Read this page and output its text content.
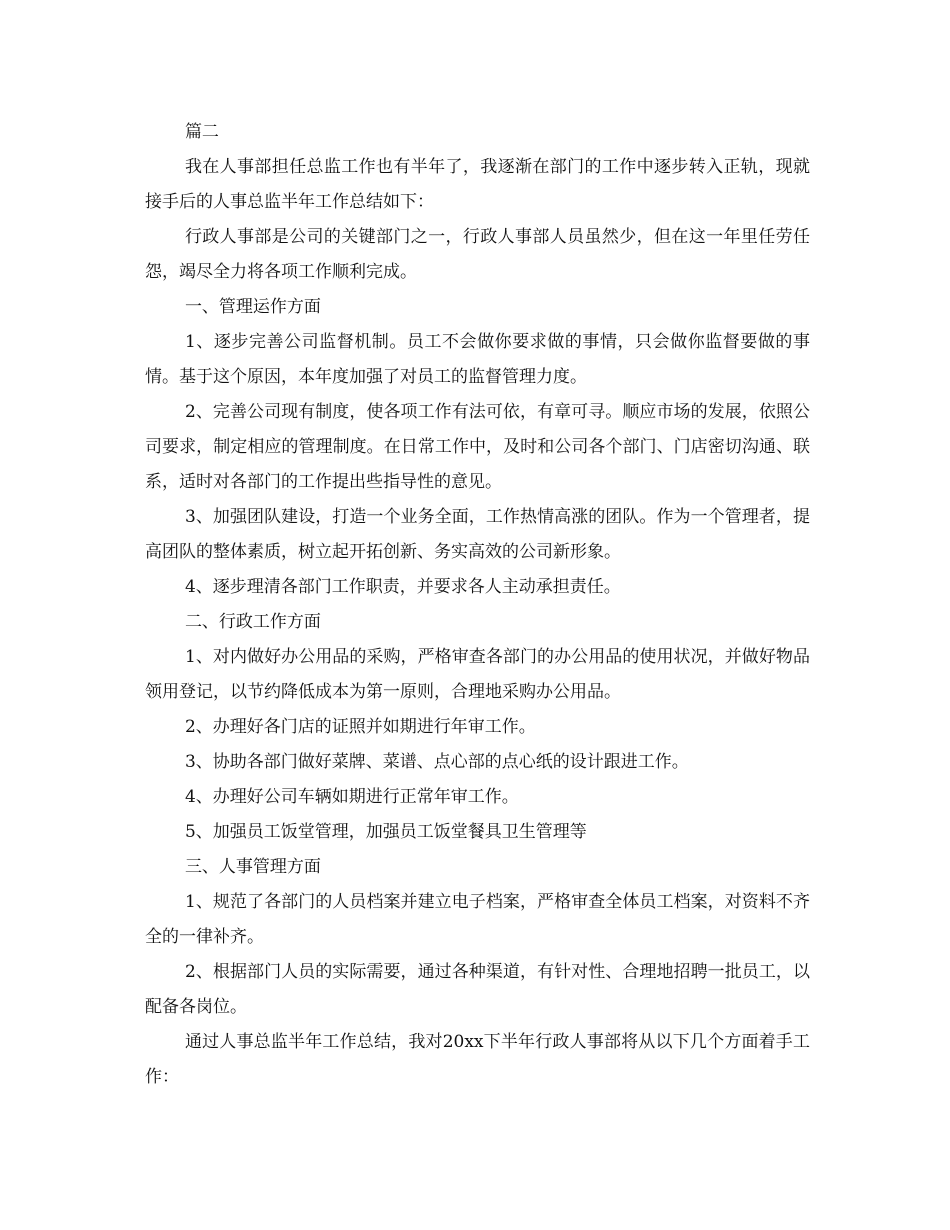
篇二

我在人事部担任总监工作也有半年了，我逐渐在部门的工作中逐步转入正轨，现就接手后的人事总监半年工作总结如下：

行政人事部是公司的关键部门之一，行政人事部人员虽然少，但在这一年里任劳任怨，竭尽全力将各项工作顺利完成。

一、管理运作方面

1、逐步完善公司监督机制。员工不会做你要求做的事情，只会做你监督要做的事情。基于这个原因，本年度加强了对员工的监督管理力度。

2、完善公司现有制度，使各项工作有法可依，有章可寻。顺应市场的发展，依照公司要求，制定相应的管理制度。在日常工作中，及时和公司各个部门、门店密切沟通、联系，适时对各部门的工作提出些指导性的意见。

3、加强团队建设，打造一个业务全面，工作热情高涨的团队。作为一个管理者，提高团队的整体素质，树立起开拓创新、务实高效的公司新形象。

4、逐步理清各部门工作职责，并要求各人主动承担责任。

二、行政工作方面

1、对内做好办公用品的采购，严格审查各部门的办公用品的使用状况，并做好物品领用登记，以节约降低成本为第一原则，合理地采购办公用品。

2、办理好各门店的证照并如期进行年审工作。

3、协助各部门做好菜牌、菜谱、点心部的点心纸的设计跟进工作。

4、办理好公司车辆如期进行正常年审工作。

5、加强员工饭堂管理，加强员工饭堂餐具卫生管理等

三、人事管理方面

1、规范了各部门的人员档案并建立电子档案，严格审查全体员工档案，对资料不齐全的一律补齐。

2、根据部门人员的实际需要，通过各种渠道，有针对性、合理地招聘一批员工，以配备各岗位。

通过人事总监半年工作总结，我对20xx下半年行政人事部将从以下几个方面着手工作：
